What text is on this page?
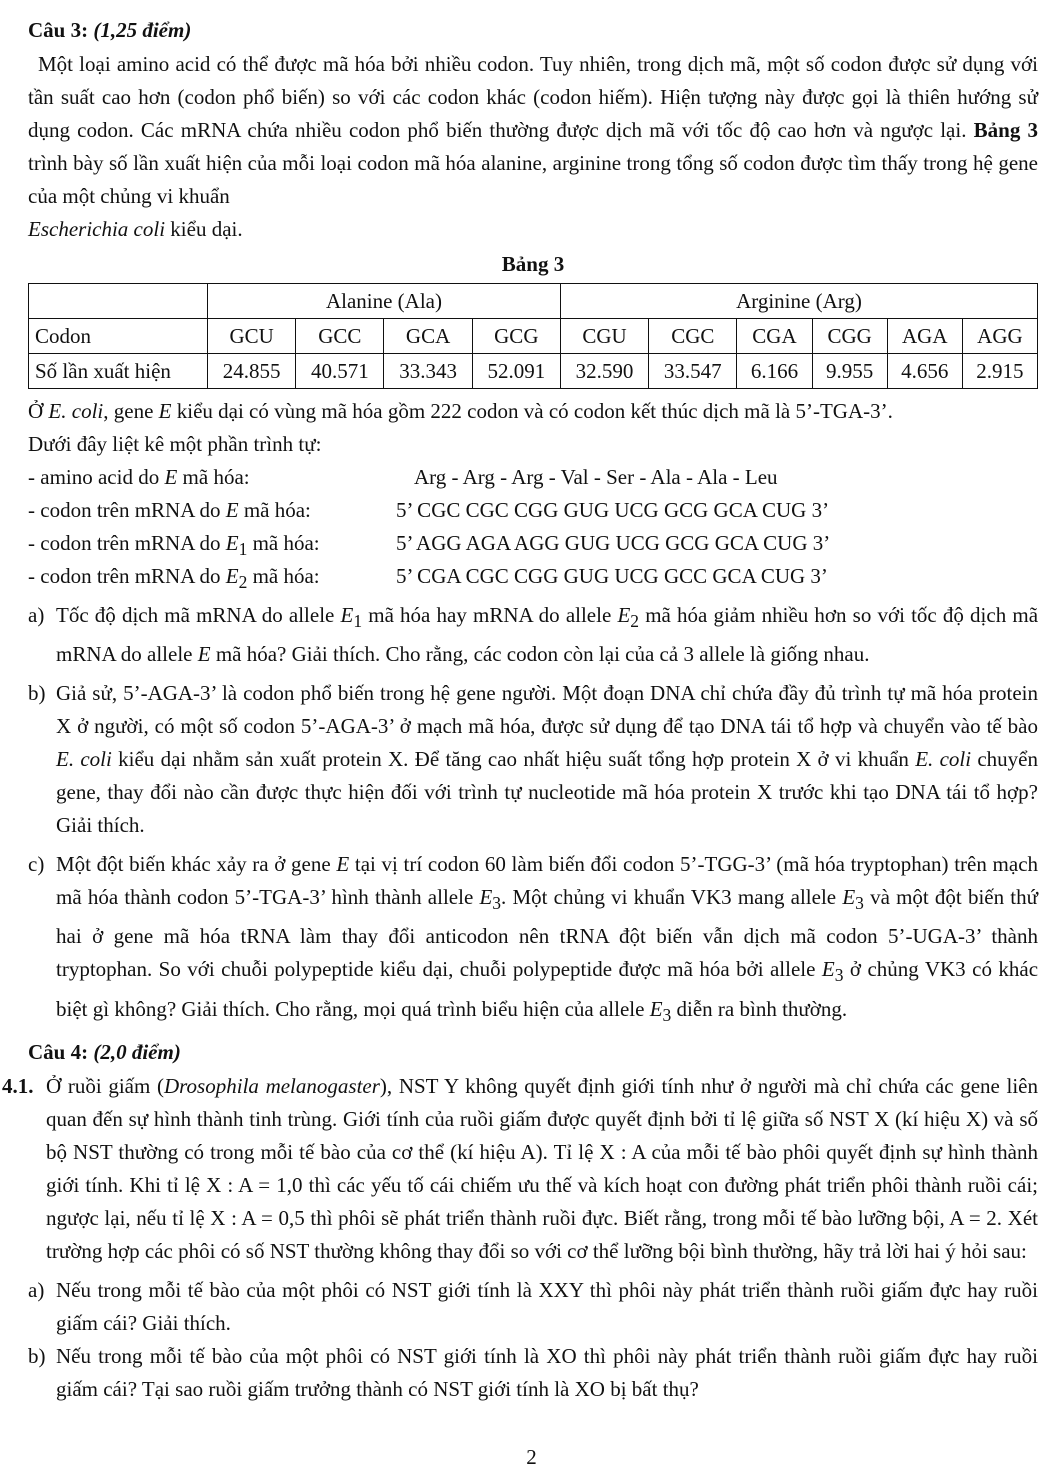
Câu 3: (1,25 điểm)
Một loại amino acid có thể được mã hóa bởi nhiều codon. Tuy nhiên, trong dịch mã, một số codon được sử dụng với tần suất cao hơn (codon phổ biến) so với các codon khác (codon hiếm). Hiện tượng này được gọi là thiên hướng sử dụng codon. Các mRNA chứa nhiều codon phổ biến thường được dịch mã với tốc độ cao hơn và ngược lại. Bảng 3 trình bày số lần xuất hiện của mỗi loại codon mã hóa alanine, arginine trong tổng số codon được tìm thấy trong hệ gene của một chủng vi khuẩn
Escherichia coli kiểu dại.
Bảng 3
	Alanine (Ala)				Arginine (Arg)					
Codon	GCU	GCC	GCA	GCG	CGU	CGC	CGA	CGG	AGA	AGG
Số lần xuất hiện	24.855	40.571	33.343	52.091	32.590	33.547	6.166	9.955	4.656	2.915
Ở E. coli, gene E kiểu dại có vùng mã hóa gồm 222 codon và có codon kết thúc dịch mã là 5’-TGA-3’.
Dưới đây liệt kê một phần trình tự:
- amino acid do E mã hóa:	Arg - Arg - Arg - Val - Ser - Ala - Ala - Leu
- codon trên mRNA do E mã hóa:	5’ CGC CGC CGG GUG UCG GCG GCA CUG 3’
- codon trên mRNA do $E_1$ mã hóa:	5’ AGG AGA AGG GUG UCG GCG GCA CUG 3’
- codon trên mRNA do $E_2$ mã hóa:	5’ CGA CGC CGG GUG UCG GCC GCA CUG 3’
a) Tốc độ dịch mã mRNA do allele $E_1$ mã hóa hay mRNA do allele $E_2$ mã hóa giảm nhiều hơn so với tốc độ dịch mã mRNA do allele E mã hóa? Giải thích. Cho rằng, các codon còn lại của cả 3 allele là giống nhau.
b) Giả sử, 5’-AGA-3’ là codon phổ biến trong hệ gene người. Một đoạn DNA chỉ chứa đầy đủ trình tự mã hóa protein X ở người, có một số codon 5’-AGA-3’ ở mạch mã hóa, được sử dụng để tạo DNA tái tổ hợp và chuyển vào tế bào E. coli kiểu dại nhằm sản xuất protein X. Để tăng cao nhất hiệu suất tổng hợp protein X ở vi khuẩn E. coli chuyển gene, thay đổi nào cần được thực hiện đối với trình tự nucleotide mã hóa protein X trước khi tạo DNA tái tổ hợp? Giải thích.
c) Một đột biến khác xảy ra ở gene E tại vị trí codon 60 làm biến đổi codon 5’-TGG-3’ (mã hóa tryptophan) trên mạch mã hóa thành codon 5’-TGA-3’ hình thành allele $E_3$. Một chủng vi khuẩn VK3 mang allele $E_3$ và một đột biến thứ hai ở gene mã hóa tRNA làm thay đổi anticodon nên tRNA đột biến vẫn dịch mã codon 5’-UGA-3’ thành tryptophan. So với chuỗi polypeptide kiểu dại, chuỗi polypeptide được mã hóa bởi allele $E_3$ ở chủng VK3 có khác biệt gì không? Giải thích. Cho rằng, mọi quá trình biểu hiện của allele $E_3$ diễn ra bình thường.
Câu 4: (2,0 điểm)
4.1. Ở ruồi giấm (Drosophila melanogaster), NST Y không quyết định giới tính như ở người mà chỉ chứa các gene liên quan đến sự hình thành tinh trùng. Giới tính của ruồi giấm được quyết định bởi tỉ lệ giữa số NST X (kí hiệu X) và số bộ NST thường có trong mỗi tế bào của cơ thể (kí hiệu A). Tỉ lệ X : A của mỗi tế bào phôi quyết định sự hình thành giới tính. Khi tỉ lệ X : A = 1,0 thì các yếu tố cái chiếm ưu thế và kích hoạt con đường phát triển phôi thành ruồi cái; ngược lại, nếu tỉ lệ X : A = 0,5 thì phôi sẽ phát triển thành ruồi đực. Biết rằng, trong mỗi tế bào lưỡng bội, A = 2. Xét trường hợp các phôi có số NST thường không thay đổi so với cơ thể lưỡng bội bình thường, hãy trả lời hai ý hỏi sau:
a) Nếu trong mỗi tế bào của một phôi có NST giới tính là XXY thì phôi này phát triển thành ruồi giấm đực hay ruồi giấm cái? Giải thích.
b) Nếu trong mỗi tế bào của một phôi có NST giới tính là XO thì phôi này phát triển thành ruồi giấm đực hay ruồi giấm cái? Tại sao ruồi giấm trưởng thành có NST giới tính là XO bị bất thụ?
2
